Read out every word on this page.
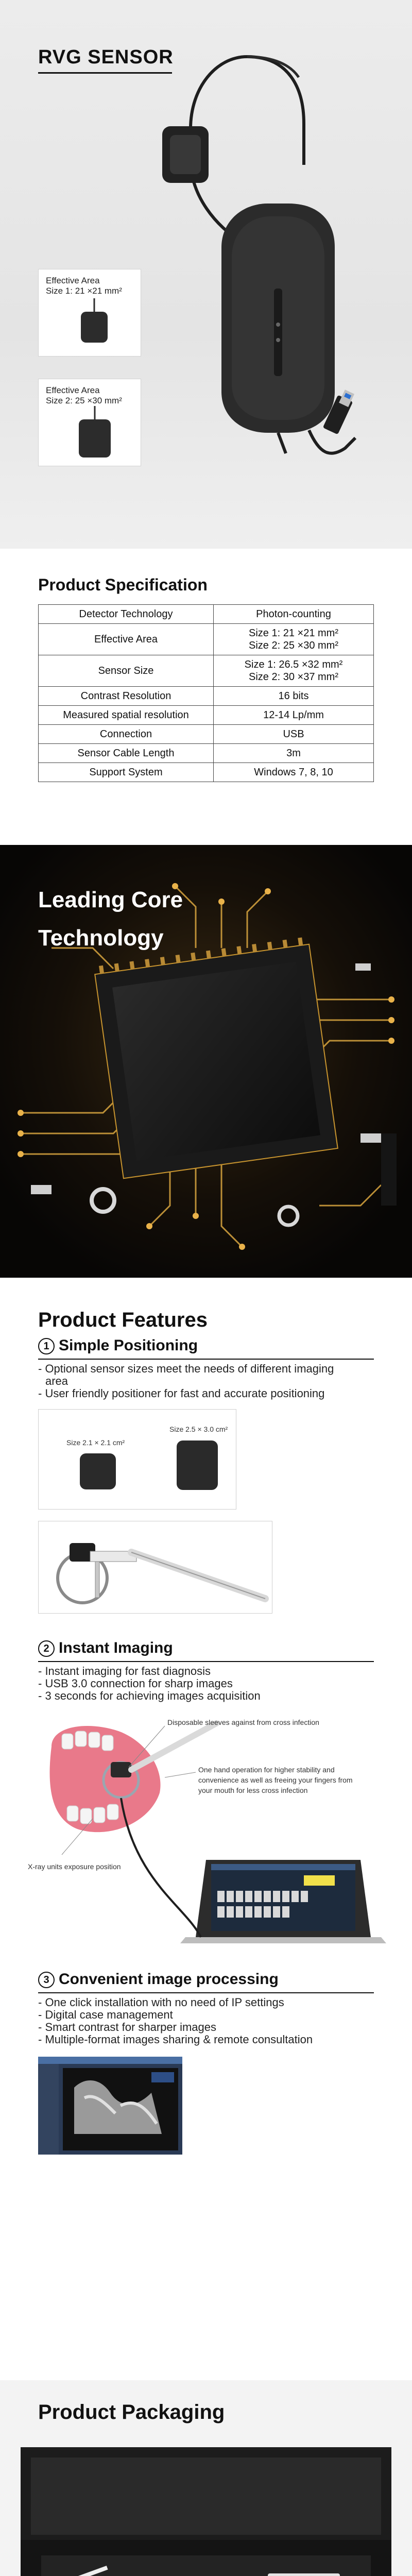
RVG SENSOR
Effective Area
Size 1: 21 ×21 mm²
Effective Area
Size 2: 25 ×30 mm²
Product Specification
Detector Technology	Photon-counting

Effective Area	Size 1: 21 ×21 mm²
Size 2: 25 ×30 mm²

Sensor Size	Size 1: 26.5 ×32 mm²
Size 2: 30 ×37 mm²

Contrast Resolution	16 bits

Measured spatial resolution	12-14 Lp/mm

Connection	USB

Sensor Cable Length	3m

Support System	Windows 7, 8, 10
Leading Core
Technology
Product Features
1 Simple Positioning
- Optional sensor sizes meet the needs of different imaging
area
- User friendly positioner for fast and accurate positioning
Size 2.1 × 2.1 cm²
Size 2.5 × 3.0 cm²
2 Instant Imaging
- Instant imaging for fast diagnosis
- USB 3.0 connection for sharp images
- 3 seconds for achieving images acquisition
Disposable sleeves against from cross infection
One hand operation for higher stability and convenience as well as freeing your fingers from your mouth for less cross infection
X-ray units exposure position
3 Convenient image processing
- One click installation with no need of IP settings
- Digital case management
- Smart contrast for sharper images
- Multiple-format images sharing & remote consultation
Product Packaging
